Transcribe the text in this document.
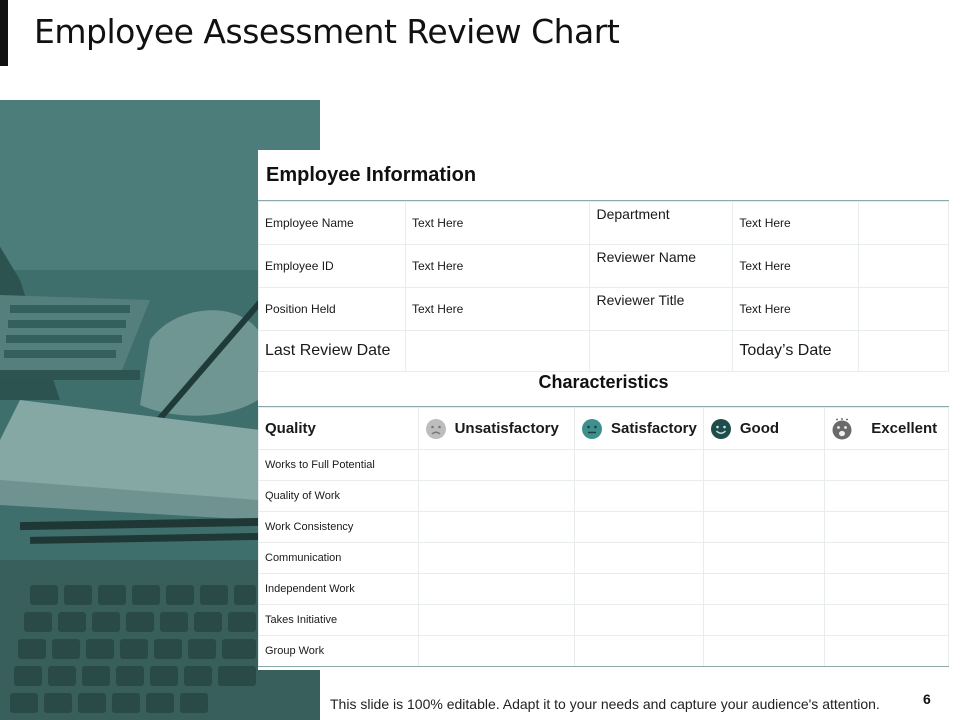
Employee Assessment Review Chart
Employee Information
Employee Name	Text Here	Department	Text Here	
Employee ID	Text Here	Reviewer Name	Text Here	
Position Held	Text Here	Reviewer Title	Text Here	
Last Review Date			Today’s Date	
Characteristics
Quality	Unsatisfactory	Satisfactory	Good	Excellent

Works to Full Potential				
Quality of Work				
Work Consistency				
Communication				
Independent Work				
Takes Initiative				
Group Work				
This slide is 100% editable. Adapt it to your needs and capture your audience's attention.	6
